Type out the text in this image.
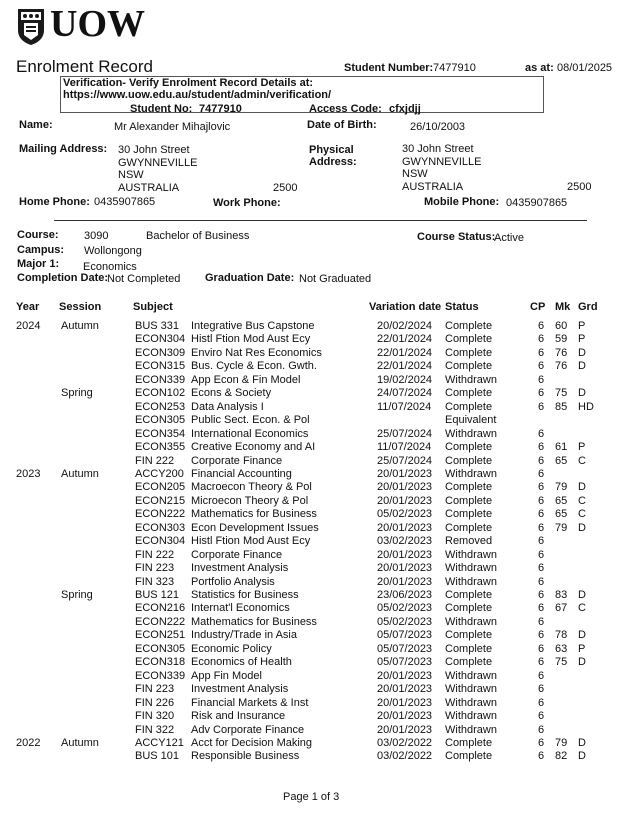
UOW
Enrolment Record	Student Number: 7477910	as at: 08/01/2025
Verification- Verify Enrolment Record Details at:
https://www.uow.edu.au/student/admin/verification/
Student No: 7477910	Access Code: cfxjdjj
Name:	Mr Alexander Mihajlovic	Date of Birth:	26/10/2003
Mailing Address: 30 John Street
GWYNNEVILLE
NSW
AUSTRALIA	2500
Physical
Address:
30 John Street
GWYNNEVILLE
NSW
AUSTRALIA	2500
Home Phone: 0435907865	Work Phone:	Mobile Phone: 0435907865
Course: 3090	Bachelor of Business	Course Status:
Active
Campus: Wollongong
Major 1: Economics
Completion Date:
Not Completed Graduation Date: Not Graduated
Year Session	Subject	Variation date Status	CP Mk Grd
2024 Autumn	BUS 331 Integrative Bus Capstone	20/02/2024 Complete	6 60 P
ECON304 Histl Ftion Mod Aust Ecy	22/01/2024 Complete	6 59 P
ECON309 Enviro Nat Res Economics	22/01/2024 Complete	6 76 D
ECON315 Bus. Cycle & Econ. Gwth.	22/01/2024 Complete	6 76 D
ECON339 App Econ & Fin Model	19/02/2024 Withdrawn	6
Spring	ECON102 Econs & Society	24/07/2024 Complete	6 75 D
ECON253 Data Analysis I	11/07/2024 Complete	6 85 HD
ECON305 Public Sect. Econ. & Pol	Equivalent
ECON354 International Economics	25/07/2024 Withdrawn	6
ECON355 Creative Economy and AI	11/07/2024 Complete	6 61 P
FIN 222 Corporate Finance	25/07/2024 Complete	6 65 C
2023 Autumn	ACCY200 Financial Accounting	20/01/2023 Withdrawn	6
ECON205 Macroecon Theory & Pol	20/01/2023 Complete	6 79 D
ECON215 Microecon Theory & Pol	20/01/2023 Complete	6 65 C
ECON222 Mathematics for Business	05/02/2023 Complete	6 65 C
ECON303 Econ Development Issues	20/01/2023 Complete	6 79 D
ECON304 Histl Ftion Mod Aust Ecy	03/02/2023 Removed	6
FIN 222 Corporate Finance	20/01/2023 Withdrawn	6
FIN 223 Investment Analysis	20/01/2023 Withdrawn	6
FIN 323 Portfolio Analysis	20/01/2023 Withdrawn	6
Spring	BUS 121 Statistics for Business	23/06/2023 Complete	6 83 D
ECON216 Internat'l Economics	05/02/2023 Complete	6 67 C
ECON222 Mathematics for Business	05/02/2023 Withdrawn	6
ECON251 Industry/Trade in Asia	05/07/2023 Complete	6 78 D
ECON305 Economic Policy	05/07/2023 Complete	6 63 P
ECON318 Economics of Health	05/07/2023 Complete	6 75 D
ECON339 App Fin Model	20/01/2023 Withdrawn	6
FIN 223 Investment Analysis	20/01/2023 Withdrawn	6
FIN 226 Financial Markets & Inst	20/01/2023 Withdrawn	6
FIN 320 Risk and Insurance	20/01/2023 Withdrawn	6
FIN 322 Adv Corporate Finance	20/01/2023 Withdrawn	6
2022 Autumn	ACCY121 Acct for Decision Making	03/02/2022 Complete	6 79 D
BUS 101 Responsible Business	03/02/2022 Complete	6 82 D
Page 1 of 3
